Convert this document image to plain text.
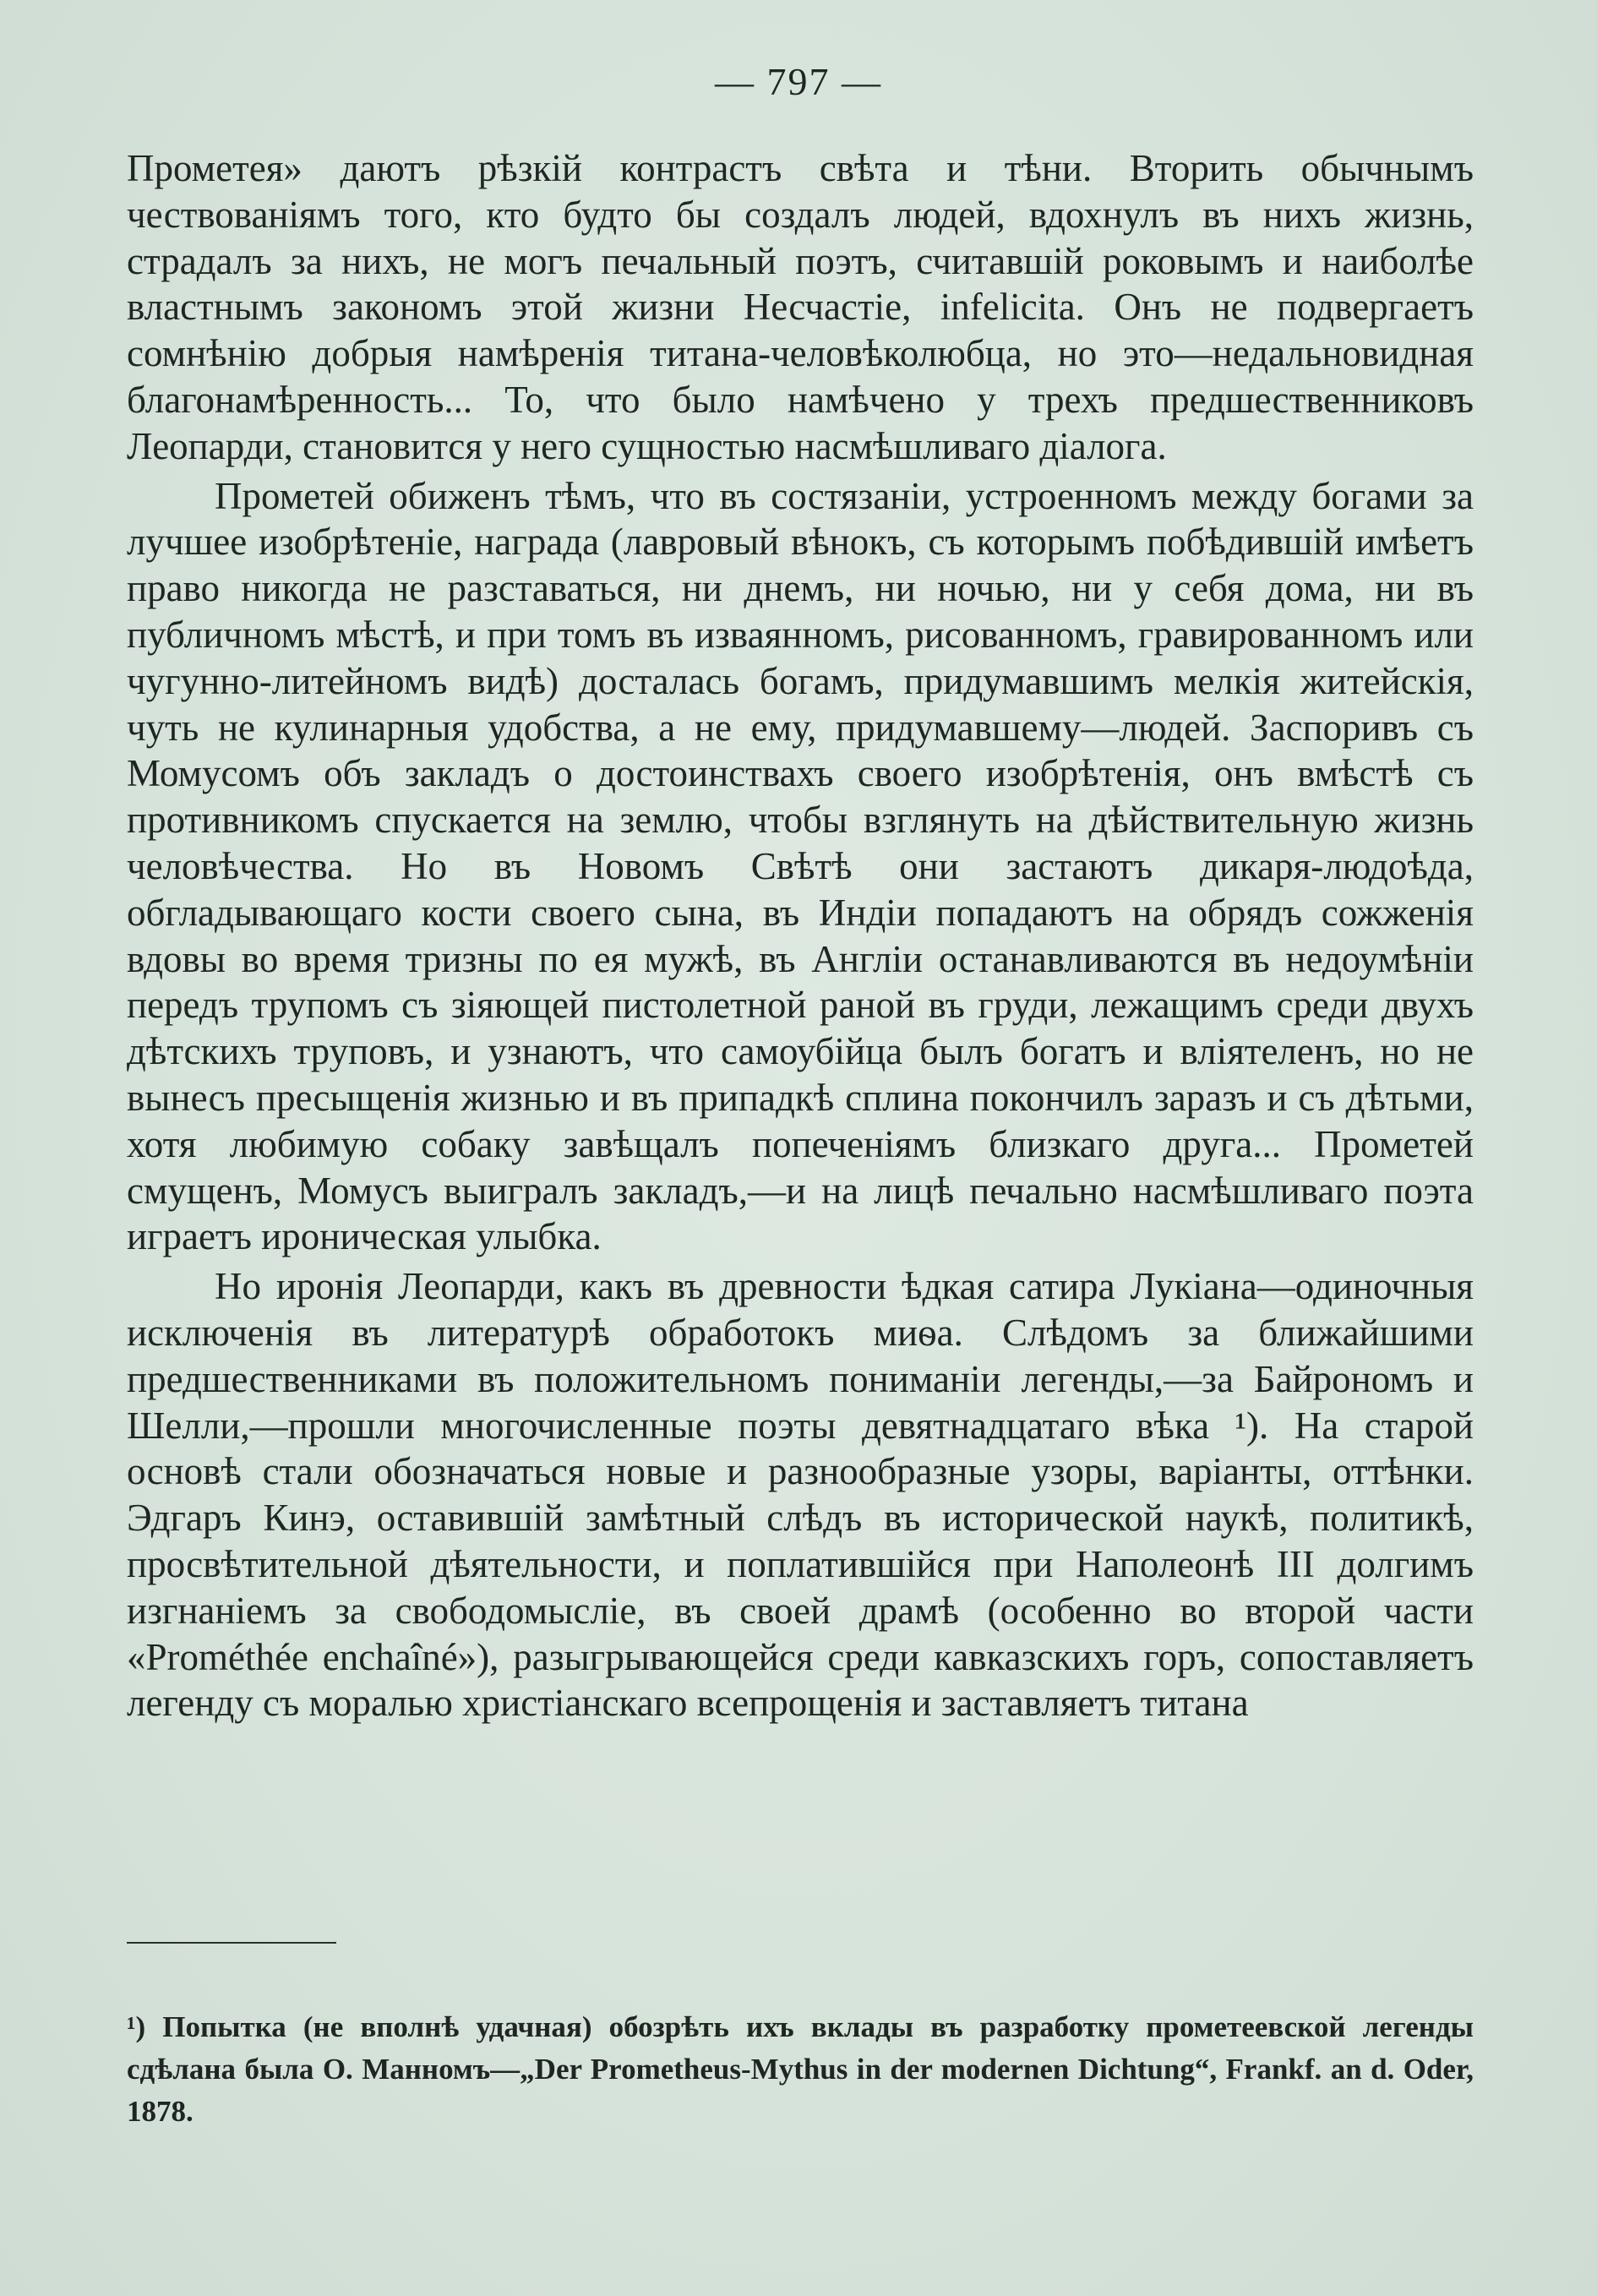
— 797 —

Прометея» даютъ рѣзкій контрастъ свѣта и тѣни. Вторить обычнымъ чествованіямъ того, кто будто бы создалъ людей, вдохнулъ въ нихъ жизнь, страдалъ за нихъ, не могъ печальный поэтъ, считавшій роковымъ и наиболѣе властнымъ закономъ этой жизни Несчастіе, infelicita. Онъ не подвергаетъ сомнѣнію добрыя намѣренія титана-человѣколюбца, но это—недальновидная благонамѣренность... То, что было намѣчено у трехъ предшественниковъ Леопарди, становится у него сущностью насмѣшливаго діалога.

Прометей обиженъ тѣмъ, что въ состязаніи, устроенномъ между богами за лучшее изобрѣтеніе, награда (лавровый вѣнокъ, съ которымъ побѣдившій имѣетъ право никогда не разставаться, ни днемъ, ни ночью, ни у себя дома, ни въ публичномъ мѣстѣ, и при томъ въ изваянномъ, рисованномъ, гравированномъ или чугунно-литейномъ видѣ) досталась богамъ, придумавшимъ мелкія житейскія, чуть не кулинарныя удобства, а не ему, придумавшему—людей. Заспоривъ съ Момусомъ объ закладъ о достоинствахъ своего изобрѣтенія, онъ вмѣстѣ съ противникомъ спускается на землю, чтобы взглянуть на дѣйствительную жизнь человѣчества. Но въ Новомъ Свѣтѣ они застаютъ дикаря-людоѣда, обгладывающаго кости своего сына, въ Индіи попадаютъ на обрядъ сожженія вдовы во время тризны по ея мужѣ, въ Англіи останавливаются въ недоумѣніи передъ трупомъ съ зіяющей пистолетной раной въ груди, лежащимъ среди двухъ дѣтскихъ труповъ, и узнаютъ, что самоубійца былъ богатъ и вліятеленъ, но не вынесъ пресыщенія жизнью и въ припадкѣ сплина покончилъ заразъ и съ дѣтьми, хотя любимую собаку завѣщалъ попеченіямъ близкаго друга... Прометей смущенъ, Момусъ выигралъ закладъ,—и на лицѣ печально насмѣшливаго поэта играетъ ироническая улыбка.

Но иронія Леопарди, какъ въ древности ѣдкая сатира Лукіана—одиночныя исключенія въ литературѣ обработокъ миѳа. Слѣдомъ за ближайшими предшественниками въ положительномъ пониманіи легенды,—за Байрономъ и Шелли,—прошли многочисленные поэты девятнадцатаго вѣка ¹). На старой основѣ стали обозначаться новые и разнообразные узоры, варіанты, оттѣнки. Эдгаръ Кинэ, оставившій замѣтный слѣдъ въ исторической наукѣ, политикѣ, просвѣтительной дѣятельности, и поплатившійся при Наполеонѣ III долгимъ изгнаніемъ за свободомысліе, въ своей драмѣ (особенно во второй части «Prométhée enchaîné»), разыгрывающейся среди кавказскихъ горъ, сопоставляетъ легенду съ моралью христіанскаго всепрощенія и заставляетъ титана

¹) Попытка (не вполнѣ удачная) обозрѣть ихъ вклады въ разработку прометеевской легенды сдѣлана была О. Манномъ—„Der Prometheus-Mythus in der modernen Dichtung“, Frankf. an d. Oder, 1878.
